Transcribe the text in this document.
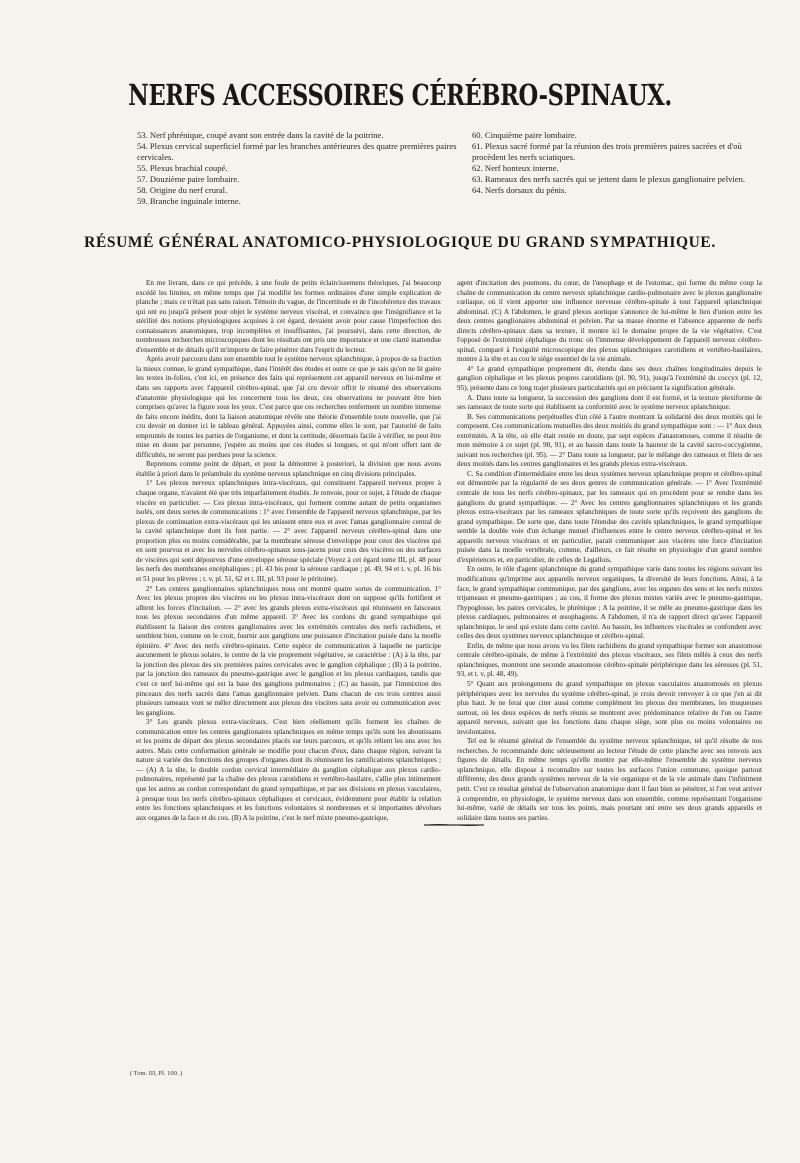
NERFS ACCESSOIRES CÉRÉBRO-SPINAUX.

53. Nerf phrénique, coupé avant son entrée dans la cavité de la poitrine.

54. Plexus cervical superficiel formé par les branches antérieures des quatre premières paires cervicales.

55. Plexus brachial coupé.

57. Douzième paire lombaire.

58. Origine du nerf crural.

59. Branche inguinale interne.

60. Cinquième paire lombaire.

61. Plexus sacré formé par la réunion des trois premières paires sacrées et d'où procèdent les nerfs sciatiques.

62. Nerf honteux interne.

63. Rameaux des nerfs sacrés qui se jettent dans le plexus ganglionaire pelvien.

64. Nerfs dorsaux du pénis.

RÉSUMÉ GÉNÉRAL ANATOMICO-PHYSIOLOGIQUE DU GRAND SYMPATHIQUE.

En me livrant, dans ce qui précède, à une foule de petits éclaircissemens théoriques, j'ai beaucoup excédé les limites, en même temps que j'ai modifié les formes ordinaires d'une simple explication de planche ; mais ce n'était pas sans raison. Témoin du vague, de l'incertitude et de l'incohérence des travaux qui ont eu jusqu'à présent pour objet le système nerveux viscéral, et convaincu que l'insignifiance et la stérilité des notions physiologiques acquises à cet égard, devaient avoir pour cause l'imperfection des connaissances anatomiques, trop incomplètes et insuffisantes, j'ai poursuivi, dans cette direction, de nombreuses recherches microscopiques dont les résultats ont pris une importance et une clarté inattendue d'ensemble et de détails qu'il m'importe de faire pénétrer dans l'esprit du lecteur.

Après avoir parcouru dans son ensemble tout le système nerveux splanchnique, à propos de sa fraction la mieux connue, le grand sympathique, dans l'intérêt des études et outre ce que je sais qu'on ne lit guère les textes in-folios, c'est ici, en présence des faits qui représentent cet appareil nerveux en lui-même et dans ses rapports avec l'appareil cérébro-spinal, que j'ai cru devoir offrir le résumé des observations d'anatomie physiologique qui les concernent tous les deux, ces observations ne pouvant être bien comprises qu'avec la figure sous les yeux. C'est parce que ces recherches renferment un nombre immense de faits encore inédits, dont la liaison anatomique révèle une théorie d'ensemble toute nouvelle, que j'ai cru devoir en donner ici le tableau général. Appuyées ainsi, comme elles le sont, par l'autorité de faits empruntés de toutes les parties de l'organisme, et dont la certitude, désormais facile à vérifier, ne peut être mise en doute par personne, j'espère au moins que ces études si longues, et qui m'ont offert tant de difficultés, ne seront pas perdues pour la science.

Reprenons comme point de départ, et pour la démontrer à posteriori, la division que nous avons établie à priori dans le préambule du système nerveux splanchnique en cinq divisions principales.

1° Les plexus nerveux splanchniques intra-viscéraux, qui constituent l'appareil nerveux propre à chaque organe, n'avaient été que très imparfaitement étudiés. Je renvoie, pour ce sujet, à l'étude de chaque viscère en particulier. — Ces plexus intra-viscéraux, qui forment comme autant de petits organismes isolés, ont deux sortes de communications : 1° avec l'ensemble de l'appareil nerveux splanchnique, par les plexus de continuation extra-viscéraux qui les unissent entre eux et avec l'amas ganglionnaire central de la cavité splanchnique dont ils font partie. — 2° avec l'appareil nerveux cérébro-spinal dans une proportion plus ou moins considérable, par la membrane séreuse d'enveloppe pour ceux des viscères qui en sont pourvus et avec les nervules cérébro-spinaux sous-jacens pour ceux des viscères ou des surfaces de viscères qui sont dépourvus d'une enveloppe séreuse spéciale (Voyez à cet égard tome III, pl. 48 pour les nerfs des membranes encéphaliques ; pl. 43 bis pour la séreuse cardiaque ; pl. 49, 94 et t. v, pl. 16 bis et 51 pour les plèvres ; t. v, pl. 51, 62 et t. III, pl. 93 pour le péritoine).

2° Les centres ganglionnaires splanchniques nous ont montré quatre sortes de communication. 1° Avec les plexus propres des viscères ou les plexus intra-viscéraux dont on suppose qu'ils fortifient et alltent les forces d'incitation. — 2° avec les grands plexus extra-viscéraux qui réunissent en faisceaux tous les plexus secondaires d'un même appareil. 3° Avec les cordons du grand sympathique qui établissent la liaison des centres ganglionaires avec les extrémités centrales des nerfs rachidiens, et semblent bien, comme on le croit, fournir aux ganglions une puissance d'incitation puisée dans la moelle épinière. 4° Avec des nerfs cérébro-spinaux. Cette espèce de communication à laquelle ne participe aucunement le plexus solaire, le centre de la vie proprement végétative, se caractérise : (A) à la tête, par la jonction des plexus des six premières paires cervicales avec le ganglion céphalique ; (B) à la poitrine, par la jonction des rameaux du pneumo-gastrique avec le ganglion et les plexus cardiaques, tandis que c'est ce nerf lui-même qui est la base des ganglions pulmonaires ; (C) au bassin, par l'immixtion des pinceaux des nerfs sacrés dans l'amas ganglionnaire pelvien. Dans chacun de ces trois centres aussi plusieurs rameaux vont se mêler directement aux plexus des viscères sans avoir eu communication avec les ganglions.

3° Les grands plexus extra-viscéraux. C'est bien réellement qu'ils forment les chaînes de communication entre les centres ganglionaires splanchniques en même temps qu'ils sont les aboutissans et les points de départ des plexus secondaires placés sur leurs parcours, et qu'ils relient les uns avec les autres. Mais cette conformation générale se modifie pour chacun d'eux, dans chaque région, suivant la nature si variée des fonctions des groupes d'organes dont ils réunissent les ramifications splanchniques ; — (A) A la tête, le double cordon cervical intermédiaire du ganglion céphalique aux plexus cardio-pulmonaires, représenté par la chaîne des plexus carotidiens et vertébro-basilaire, s'allie plus intimement que les autres au cordon correspondant du grand sympathique, et par ses divisions en plexus vasculaires, à presque tous les nerfs cérébro-spinaux céphaliques et cervicaux, évidemment pour établir la relation entre les fonctions splanchniques et les fonctions volontaires si nombreuses et si importantes dévolues aux organes de la face et du cou. (B) A la poitrine, c'est le nerf mixte pneumo-gastrique,

agent d'incitation des poumons, du cœur, de l'œsophage et de l'estomac, qui forme du même coup la chaîne de communication du centre nerveux splanchnique cardio-pulmonaire avec le plexus ganglionaire cœliaque, où il vient apporter une influence nerveuse cérébro-spinale à tout l'appareil splanchnique abdominal. (C) A l'abdomen, le grand plexus aortique s'annonce de lui-même le lien d'union entre les deux centres ganglionaires abdominal et pelvien. Par sa masse énorme et l'absence apparente de nerfs directs cérébro-spinaux dans sa texture, il montre ici le domaine propre de la vie végétative. C'est l'opposé de l'extrémité céphalique du tronc où l'immense développement de l'appareil nerveux cérébro-spinal, comparé à l'exiguïté microscopique des plexus splanchniques carotidiens et vertébro-basilaires, montre à la tête et au cou le siège essentiel de la vie animale.

4° Le grand sympathique proprement dit, étendu dans ses deux chaînes longitudinales depuis le ganglion céphalique et les plexus propres carotidiens (pl. 90, 91), jusqu'à l'extrémité du coccyx (pl. 12, 95), présente dans ce long trajet plusieurs particularités qui en précisent la signification générale.

A. Dans toute sa longueur, la succession des ganglions dont il est formé, et la texture plexiforme de ses rameaux de toute sorte qui établissent sa conformité avec le système nerveux splanchnique.

B. Ses communications perpétuelles d'un côté à l'autre montrant la solidarité des deux moitiés qui le composent. Ces communications mutuelles des deux moitiés du grand sympathique sont : — 1° Aux deux extrémités. A la tête, où elle était restée en doute, par sept espèces d'anastomoses, comme il résulte de mon mémoire à ce sujet (pl. 90, 91), et au bassin dans toute la hauteur de la cavité sacro-coccygienne, suivant nos recherches (pl. 95). — 2° Dans toute sa longueur, par le mélange des rameaux et filets de ses deux moitiés dans les centres ganglionaires et les grands plexus extra-viscéraux.

C. Sa condition d'intermédiaire entre les deux systèmes nerveux splanchnique propre et cérébro-spinal est démontrée par la régularité de ses deux genres de communication générale. — 1° Avec l'extrémité centrale de tous les nerfs cérébro-spinaux, par les rameaux qui en procèdent pour se rendre dans les ganglions du grand sympathique. — 2° Avec les centres ganglionnaires splanchniques et les grands plexus extra-viscéraux par les rameaux splanchniques de toute sorte qu'ils reçoivent des ganglions du grand sympathique. De sorte que, dans toute l'étendue des cavités splanchniques, le grand sympathique semble la double voie d'un échange mutuel d'influences entre le centre nerveux cérébro-spinal et les appareils nerveux viscéraux et en particulier, parait communiquer aux viscères une force d'incitation puisée dans la moelle vertébrale, comme, d'ailleurs, ce fait résulte en physiologie d'un grand nombre d'expériences et, en particulier, de celles de Legallois.

En outre, le rôle d'agent splanchnique du grand sympathique varie dans toutes les régions suivant les modifications qu'imprime aux appareils nerveux organiques, la diversité de leurs fonctions. Ainsi, à la face, le grand sympathique communique, par des ganglions, avec les organes des sens et les nerfs mixtes trijumeaux et pneumo-gastriques ; au cou, il forme des plexus mixtes variés avec le pneumo-gastrique, l'hypoglosse, les paires cervicales, le phrénique ; A la poitrine, il se mêle au pneumo-gastrique dans les plexus cardiaques, pulmonaires et œsophagiens. A l'abdomen, il n'a de rapport direct qu'avec l'appareil splanchnique, le seul qui existe dans cette cavité. Au bassin, les influences viscérales se confondent avec celles des deux systèmes nerveux splanchnique et cérébro-spinal.

Enfin, de même que nous avons vu les filets rachidiens du grand sympathique former son anastomose centrale cérébro-spinale, de même à l'extrémité des plexus viscéraux, ses filets mêlés à ceux des nerfs splanchniques, montrent une seconde anastomose cérébro-spinale périphérique dans les séreuses (pl. 51, 93, et t. v, pl. 48, 49).

5° Quant aux prolongemens du grand sympathique en plexus vasculaires anastomosés en plexus périphériques avec les nervules du système cérébro-spinal, je crois devoir renvoyer à ce que j'en ai dit plus haut. Je ne ferai que citer aussi comme complément les plexus des membranes, les muqueuses surtout, où les deux espèces de nerfs réunis se montrent avec prédominance relative de l'un ou l'autre appareil nerveux, suivant que les fonctions dans chaque siège, sont plus ou moins volontaires ou involontaires.

Tel est le résumé général de l'ensemble du système nerveux splanchnique, tel qu'il résulte de nos recherches. Je recommande donc sérieusement au lecteur l'étude de cette planche avec ses renvois aux figures de détails. En même temps qu'elle montre par elle-même l'ensemble du système nerveux splanchnique, elle dispose à reconnaître sur toutes les surfaces l'union commune, quoique partout différente, des deux grands systèmes nerveux de la vie organique et de la vie animale dans l'infiniment petit. C'est ce résultat général de l'observation anatomique dont il faut bien se pénétrer, si l'on veut arriver à comprendre, en physiologie, le système nerveux dans son ensemble, comme représentant l'organisme lui-même, varié de détails sur tous les points, mais pourtant uni entre ses deux grands appareils et solidaire dans toutes ses parties.

( Tom. III, Pl. 100. )
